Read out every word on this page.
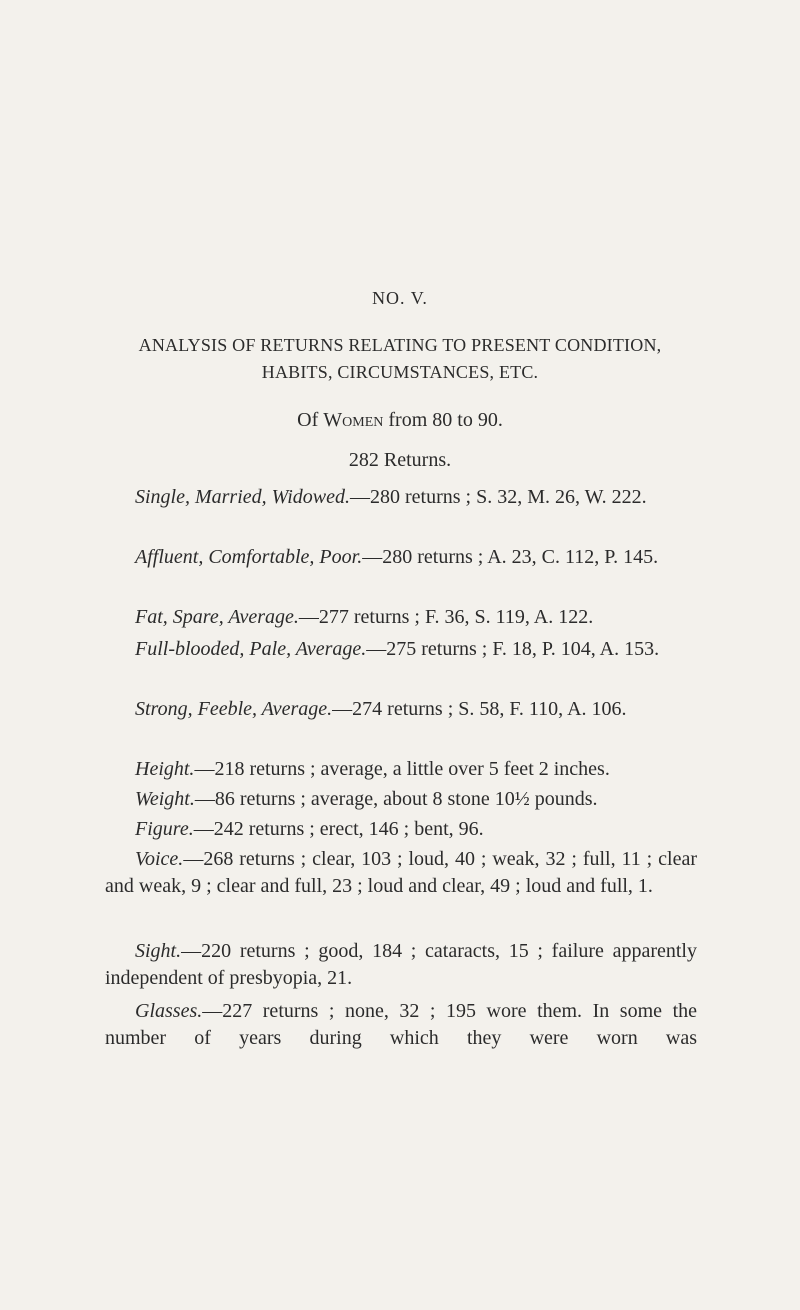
NO. V.
ANALYSIS OF RETURNS RELATING TO PRESENT CONDITION,
HABITS, CIRCUMSTANCES, ETC.
Of Women from 80 to 90.
282 Returns.

Single, Married, Widowed.—280 returns ; S. 32, M. 26, W. 222.

Affluent, Comfortable, Poor.—280 returns ; A. 23, C. 112, P. 145.

Fat, Spare, Average.—277 returns ; F. 36, S. 119, A. 122.

Full-blooded, Pale, Average.—275 returns ; F. 18, P. 104, A. 153.

Strong, Feeble, Average.—274 returns ; S. 58, F. 110, A. 106.

Height.—218 returns ; average, a little over 5 feet 2 inches.

Weight.—86 returns ; average, about 8 stone 10½ pounds.

Figure.—242 returns ; erect, 146 ; bent, 96.

Voice.—268 returns ; clear, 103 ; loud, 40 ; weak, 32 ; full, 11 ; clear and weak, 9 ; clear and full, 23 ; loud and clear, 49 ; loud and full, 1.

Sight.—220 returns ; good, 184 ; cataracts, 15 ; failure apparently independent of presbyopia, 21.

Glasses.—227 returns ; none, 32 ; 195 wore them. In some the number of years during which they were worn was
